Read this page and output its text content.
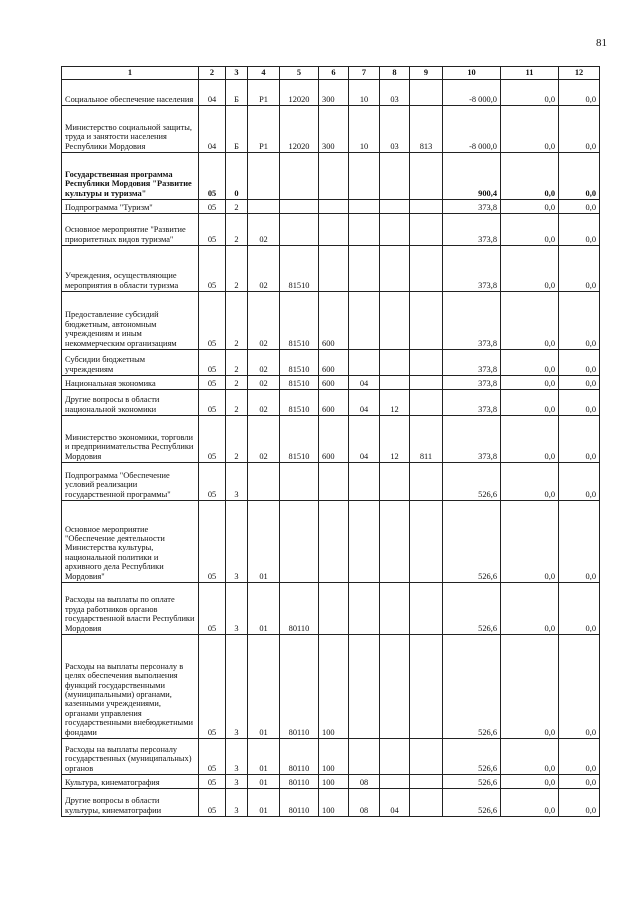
81
1	2	3	4	5	6	7	8	9	10	11	12
Социальное обеспечение населения	04	Б	Р1	12020	300	10	03		-8 000,0	0,0	0,0
Министерство социальной защиты, труда и занятости населения Республики Мордовия	04	Б	Р1	12020	300	10	03	813	-8 000,0	0,0	0,0
Государственная программа Республики Мордовия "Развитие культуры и туризма"	05	0							900,4	0,0	0,0
Подпрограмма "Туризм"	05	2							373,8	0,0	0,0
Основное мероприятие "Развитие приоритетных видов туризма"	05	2	02						373,8	0,0	0,0
Учреждения, осуществляющие мероприятия в области туризма	05	2	02	81510					373,8	0,0	0,0
Предоставление субсидий бюджетным, автономным учреждениям и иным некоммерческим организациям	05	2	02	81510	600				373,8	0,0	0,0
Субсидии бюджетным учреждениям	05	2	02	81510	600				373,8	0,0	0,0
Национальная экономика	05	2	02	81510	600	04			373,8	0,0	0,0
Другие вопросы в области национальной экономики	05	2	02	81510	600	04	12		373,8	0,0	0,0
Министерство экономики, торговли и предпринимательства Республики Мордовия	05	2	02	81510	600	04	12	811	373,8	0,0	0,0
Подпрограмма "Обеспечение условий реализации государственной программы"	05	3							526,6	0,0	0,0
Основное мероприятие "Обеспечение деятельности Министерства культуры, национальной политики и архивного дела Республики Мордовия"	05	3	01						526,6	0,0	0,0
Расходы на выплаты по оплате труда работников органов государственной власти Республики Мордовия	05	3	01	80110					526,6	0,0	0,0
Расходы на выплаты персоналу в целях обеспечения выполнения функций государственными (муниципальными) органами, казенными учреждениями, органами управления государственными внебюджетными фондами	05	3	01	80110	100				526,6	0,0	0,0
Расходы на выплаты персоналу государственных (муниципальных) органов	05	3	01	80110	100				526,6	0,0	0,0
Культура, кинематография	05	3	01	80110	100	08			526,6	0,0	0,0
Другие вопросы в области культуры, кинематографии	05	3	01	80110	100	08	04		526,6	0,0	0,0
